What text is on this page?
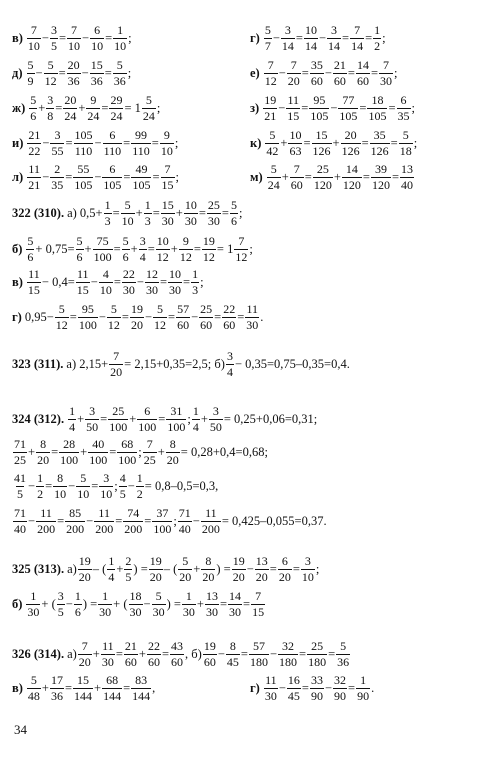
$в) \frac{7}{10} - \frac{3}{5} = \frac{7}{10} - \frac{6}{10} = \frac{1}{10}$ ;	$г) \frac{5}{7} - \frac{3}{14} = \frac{10}{14} - \frac{3}{14} = \frac{7}{14} = \frac{1}{2}$ ;
$д) \frac{5}{9} - \frac{5}{12} = \frac{20}{36} - \frac{15}{36} = \frac{5}{36}$ ;	$е) \frac{7}{12} - \frac{7}{20} = \frac{35}{60} - \frac{21}{60} = \frac{14}{60} = \frac{7}{30}$ ;
$ж) \frac{5}{6} + \frac{3}{8} = \frac{20}{24} + \frac{9}{24} = \frac{29}{24} = 1 \frac{5}{24}$ ;	$з) \frac{19}{21} - \frac{11}{15} = \frac{95}{105} - \frac{77}{105} = \frac{18}{105} = \frac{6}{35}$ ;
$и) \frac{21}{22} - \frac{3}{55} = \frac{105}{110} - \frac{6}{110} = \frac{99}{110} = \frac{9}{10}$ ;	$к) \frac{5}{42} + \frac{10}{63} = \frac{15}{126} + \frac{20}{126} = \frac{35}{126} = \frac{5}{18}$ ;
$л) \frac{11}{21} - \frac{2}{35} = \frac{55}{105} - \frac{6}{105} = \frac{49}{105} = \frac{7}{15}$ ;	$м) \frac{5}{24} + \frac{7}{60} = \frac{25}{120} + \frac{14}{120} = \frac{39}{120} = \frac{13}{40}$
322 (310). а) $0,5+ \frac{1}{3} = \frac{5}{10} + \frac{1}{3} = \frac{15}{30} + \frac{10}{30} = \frac{25}{30} = \frac{5}{6}$ ;
$б) \frac{5}{6} + 0,75= \frac{5}{6} + \frac{75}{100} = \frac{5}{6} + \frac{3}{4} = \frac{10}{12} + \frac{9}{12} = \frac{19}{12} = 1 \frac{7}{12}$ ;
$в) \frac{11}{15} - 0,4= \frac{11}{15} - \frac{4}{10} = \frac{22}{30} - \frac{12}{30} = \frac{10}{30} = \frac{1}{3}$ ;
г) $0,95- \frac{5}{12} = \frac{95}{100} - \frac{5}{12} = \frac{19}{20} - \frac{5}{12} = \frac{57}{60} - \frac{25}{60} = \frac{22}{60} = \frac{11}{30}$ .
323 (311). а) $2,15+ \frac{7}{20} = 2,15+0,35=2,5$; $б) \frac{3}{4} - 0,35=0,75-0,35=0,4$.
324 (312). $\frac{1}{4} + \frac{3}{50} = \frac{25}{100} + \frac{6}{100} = \frac{31}{100}$ ; $\frac{1}{4} + \frac{3}{50} = 0,25+0,06=0,31$;
$\frac{71}{25} + \frac{8}{20} = \frac{28}{100} + \frac{40}{100} = \frac{68}{100}$ ; $\frac{7}{25} + \frac{8}{20} = 0,28+0,4=0,68$;
$\frac{41}{5} - \frac{1}{2} = \frac{8}{10} - \frac{5}{10} = \frac{3}{10}$ ; $\frac{4}{5} - \frac{1}{2} = 0,8-0,5=0,3$,
$\frac{71}{40} - \frac{11}{200} = \frac{85}{200} - \frac{11}{200} = \frac{74}{200} = \frac{37}{100}$ ; $\frac{71}{40} - \frac{11}{200} = 0,425-0,055=0,37$.
325 (313). $а) \frac{19}{20}$ – ( $\frac{1}{4} + \frac{2}{5}$ ) = $\frac{19}{20}$ – ( $\frac{5}{20} + \frac{8}{20}$ ) = $\frac{19}{20} - \frac{13}{20} = \frac{6}{20} = \frac{3}{10}$ ;
$б) \frac{1}{30}$ + ( $\frac{3}{5} - \frac{1}{6}$ ) = $\frac{1}{30}$ + ( $\frac{18}{30} - \frac{5}{30}$ ) = $\frac{1}{30} + \frac{13}{30} = \frac{14}{30} = \frac{7}{15}$
326 (314). $а) \frac{7}{20} + \frac{11}{30} = \frac{21}{60} + \frac{22}{60} = \frac{43}{60}$ , $б) \frac{19}{60} - \frac{8}{45} = \frac{57}{180} - \frac{32}{180} = \frac{25}{180} = \frac{5}{36}$
$в) \frac{5}{48} + \frac{17}{36} = \frac{15}{144} + \frac{68}{144} = \frac{83}{144}$ ,	$г) \frac{11}{30} - \frac{16}{45} = \frac{33}{90} - \frac{32}{90} = \frac{1}{90}$ .
34
